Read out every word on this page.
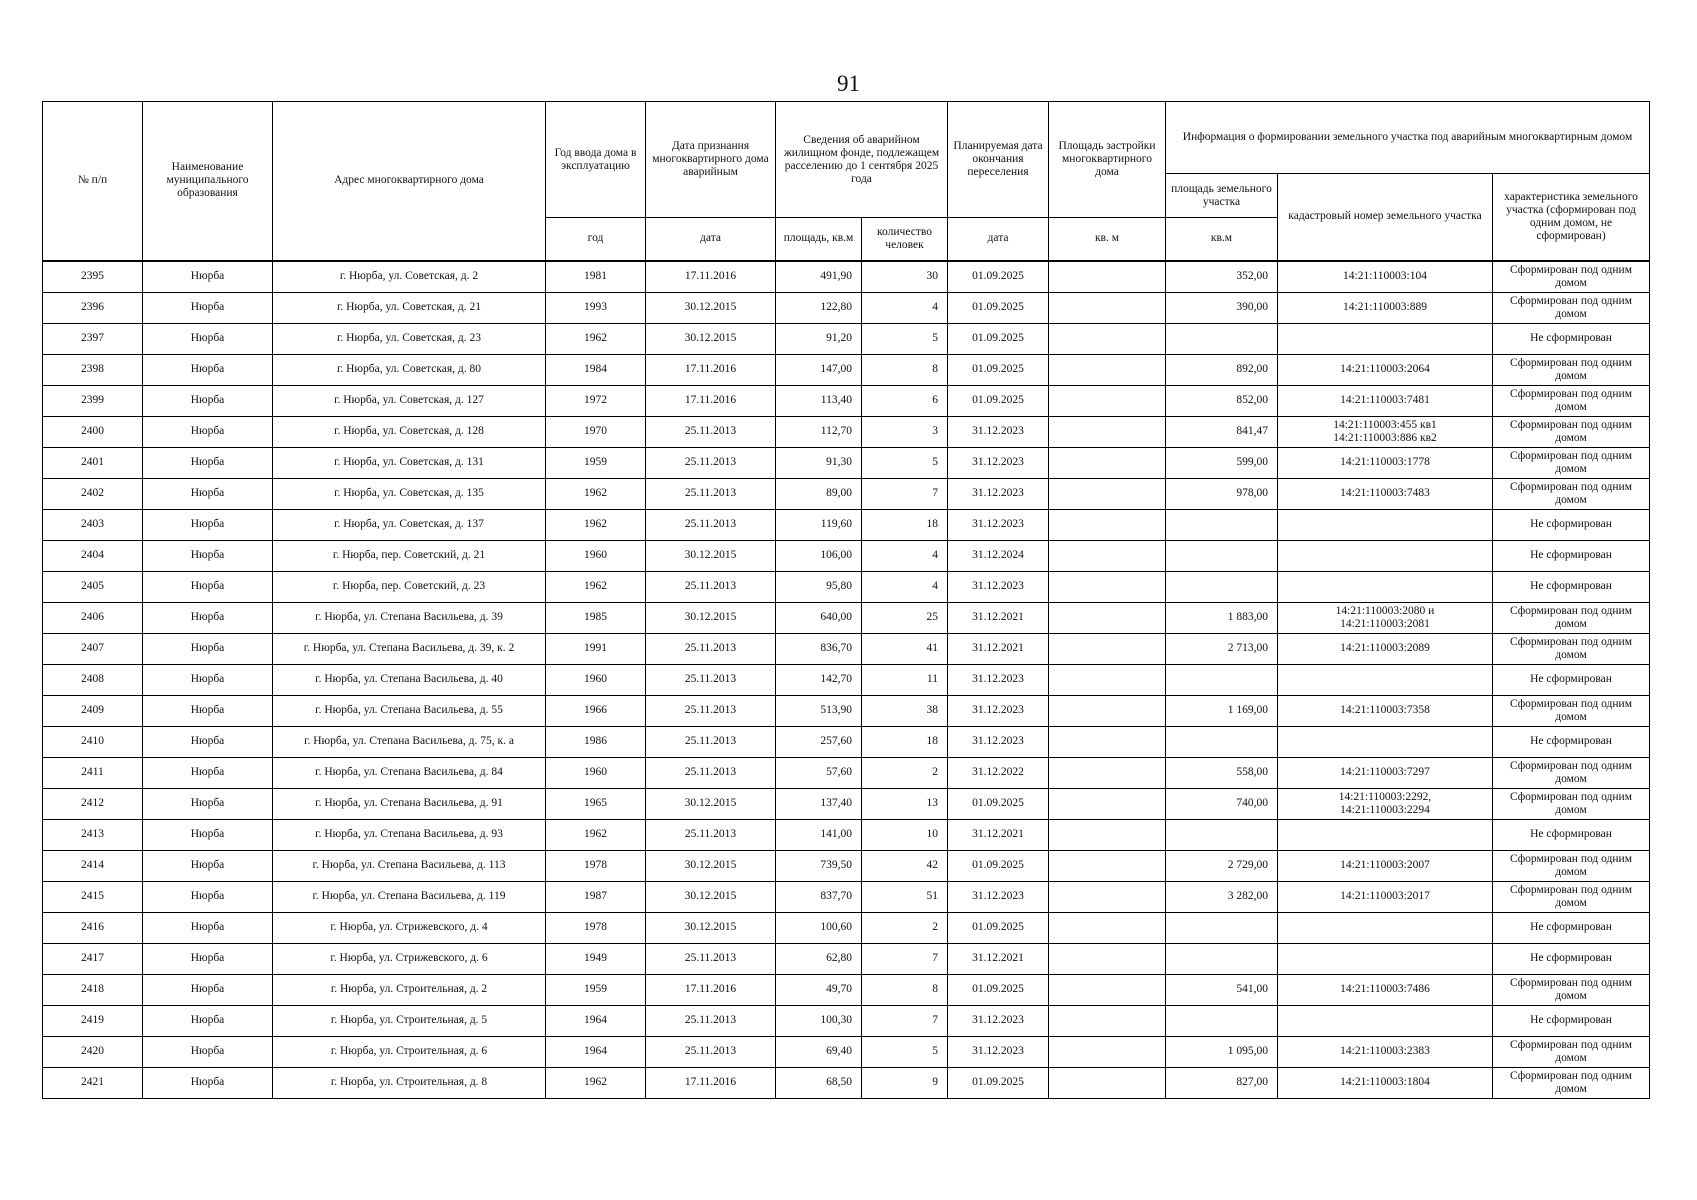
91
№ п/п	Наименование муниципального образования	Адрес многоквартирного дома	Год ввода дома в эксплуатацию	Дата признания многоквартирного дома аварийным	Сведения об аварийном жилищном фонде, подлежащем расселению до 1 сентября 2025 года		Планируемая дата окончания переселения	Площадь застройки многоквартирного дома	Информация о формировании земельного участка под аварийным многоквартирным домом		
									площадь земельного участка	кадастровый номер земельного участка	характеристика земельного участка (сформирован под одним домом, не сформирован)
			год	дата	площадь, кв.м	количество человек	дата	кв. м	кв.м		
2395	Нюрба	г. Нюрба, ул. Советская, д. 2	1981	17.11.2016	491,90	30	01.09.2025		352,00	14:21:110003:104	Сформирован под одним домом
2396	Нюрба	г. Нюрба, ул. Советская, д. 21	1993	30.12.2015	122,80	4	01.09.2025		390,00	14:21:110003:889	Сформирован под одним домом
2397	Нюрба	г. Нюрба, ул. Советская, д. 23	1962	30.12.2015	91,20	5	01.09.2025				Не сформирован
2398	Нюрба	г. Нюрба, ул. Советская, д. 80	1984	17.11.2016	147,00	8	01.09.2025		892,00	14:21:110003:2064	Сформирован под одним домом
2399	Нюрба	г. Нюрба, ул. Советская, д. 127	1972	17.11.2016	113,40	6	01.09.2025		852,00	14:21:110003:7481	Сформирован под одним домом
2400	Нюрба	г. Нюрба, ул. Советская, д. 128	1970	25.11.2013	112,70	3	31.12.2023		841,47	14:21:110003:455 кв1
14:21:110003:886 кв2	Сформирован под одним домом
2401	Нюрба	г. Нюрба, ул. Советская, д. 131	1959	25.11.2013	91,30	5	31.12.2023		599,00	14:21:110003:1778	Сформирован под одним домом
2402	Нюрба	г. Нюрба, ул. Советская, д. 135	1962	25.11.2013	89,00	7	31.12.2023		978,00	14:21:110003:7483	Сформирован под одним домом
2403	Нюрба	г. Нюрба, ул. Советская, д. 137	1962	25.11.2013	119,60	18	31.12.2023				Не сформирован
2404	Нюрба	г. Нюрба, пер. Советский, д. 21	1960	30.12.2015	106,00	4	31.12.2024				Не сформирован
2405	Нюрба	г. Нюрба, пер. Советский, д. 23	1962	25.11.2013	95,80	4	31.12.2023				Не сформирован
2406	Нюрба	г. Нюрба, ул. Степана Васильева, д. 39	1985	30.12.2015	640,00	25	31.12.2021		1 883,00	14:21:110003:2080 и
14:21:110003:2081	Сформирован под одним домом
2407	Нюрба	г. Нюрба, ул. Степана Васильева, д. 39, к. 2	1991	25.11.2013	836,70	41	31.12.2021		2 713,00	14:21:110003:2089	Сформирован под одним домом
2408	Нюрба	г. Нюрба, ул. Степана Васильева, д. 40	1960	25.11.2013	142,70	11	31.12.2023				Не сформирован
2409	Нюрба	г. Нюрба, ул. Степана Васильева, д. 55	1966	25.11.2013	513,90	38	31.12.2023		1 169,00	14:21:110003:7358	Сформирован под одним домом
2410	Нюрба	г. Нюрба, ул. Степана Васильева, д. 75, к. а	1986	25.11.2013	257,60	18	31.12.2023				Не сформирован
2411	Нюрба	г. Нюрба, ул. Степана Васильева, д. 84	1960	25.11.2013	57,60	2	31.12.2022		558,00	14:21:110003:7297	Сформирован под одним домом
2412	Нюрба	г. Нюрба, ул. Степана Васильева, д. 91	1965	30.12.2015	137,40	13	01.09.2025		740,00	14:21:110003:2292,
14:21:110003:2294	Сформирован под одним домом
2413	Нюрба	г. Нюрба, ул. Степана Васильева, д. 93	1962	25.11.2013	141,00	10	31.12.2021				Не сформирован
2414	Нюрба	г. Нюрба, ул. Степана Васильева, д. 113	1978	30.12.2015	739,50	42	01.09.2025		2 729,00	14:21:110003:2007	Сформирован под одним домом
2415	Нюрба	г. Нюрба, ул. Степана Васильева, д. 119	1987	30.12.2015	837,70	51	31.12.2023		3 282,00	14:21:110003:2017	Сформирован под одним домом
2416	Нюрба	г. Нюрба, ул. Стрижевского, д. 4	1978	30.12.2015	100,60	2	01.09.2025				Не сформирован
2417	Нюрба	г. Нюрба, ул. Стрижевского, д. 6	1949	25.11.2013	62,80	7	31.12.2021				Не сформирован
2418	Нюрба	г. Нюрба, ул. Строительная, д. 2	1959	17.11.2016	49,70	8	01.09.2025		541,00	14:21:110003:7486	Сформирован под одним домом
2419	Нюрба	г. Нюрба, ул. Строительная, д. 5	1964	25.11.2013	100,30	7	31.12.2023				Не сформирован
2420	Нюрба	г. Нюрба, ул. Строительная, д. 6	1964	25.11.2013	69,40	5	31.12.2023		1 095,00	14:21:110003:2383	Сформирован под одним домом
2421	Нюрба	г. Нюрба, ул. Строительная, д. 8	1962	17.11.2016	68,50	9	01.09.2025		827,00	14:21:110003:1804	Сформирован под одним домом
